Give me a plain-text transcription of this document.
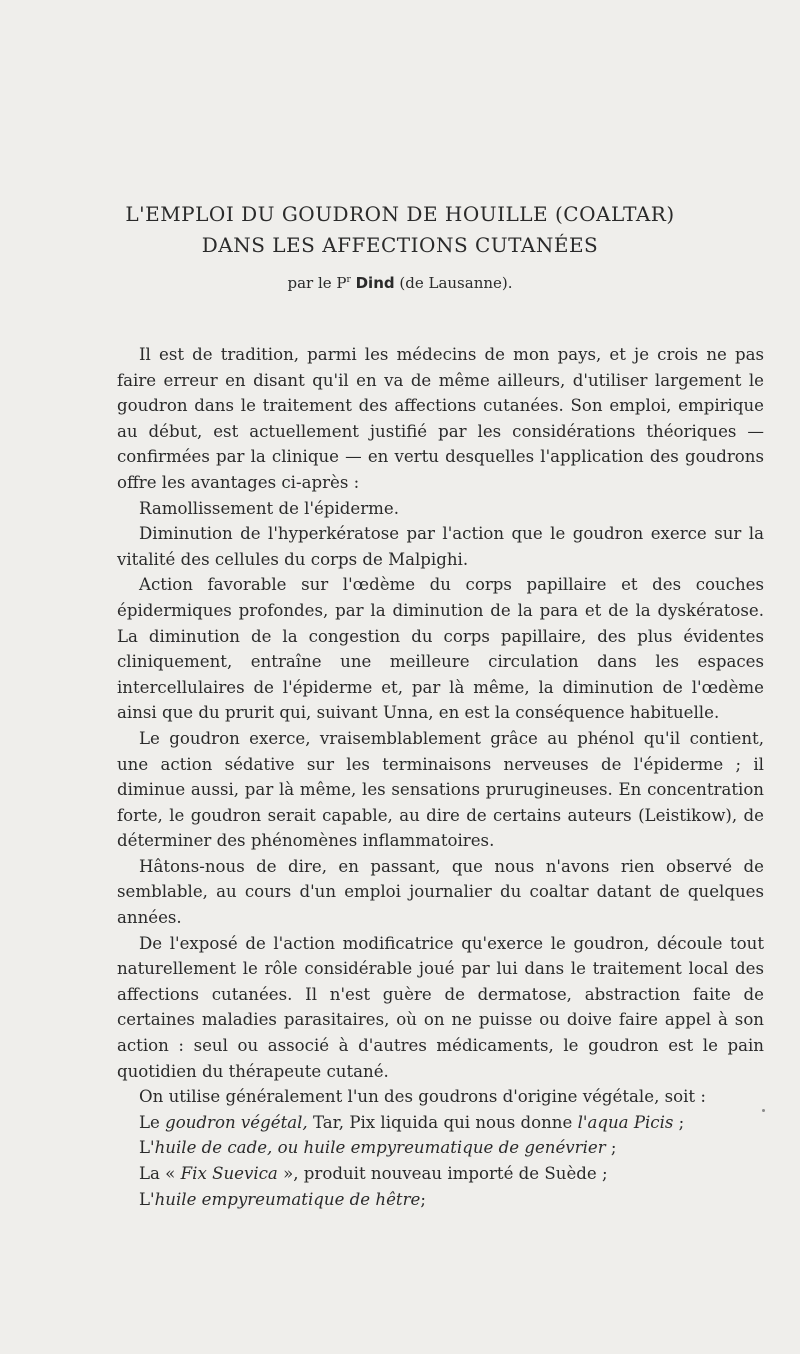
L'EMPLOI DU GOUDRON DE HOUILLE (COALTAR)
DANS LES AFFECTIONS CUTANÉES
par le $P^r$ Dind (de Lausanne).

Il est de tradition, parmi les médecins de mon pays, et je crois ne pas faire erreur en disant qu'il en va de même ailleurs, d'utiliser largement le goudron dans le traitement des affections cutanées. Son emploi, empirique au début, est actuellement justifié par les considérations théoriques — confirmées par la clinique — en vertu desquelles l'application des goudrons offre les avantages ci-après :

Ramollissement de l'épiderme.

Diminution de l'hyperkératose par l'action que le goudron exerce sur la vitalité des cellules du corps de Malpighi.

Action favorable sur l'œdème du corps papillaire et des couches épidermiques profondes, par la diminution de la para et de la dyskératose. La diminution de la congestion du corps papillaire, des plus évidentes cliniquement, entraîne une meilleure circulation dans les espaces intercellulaires de l'épiderme et, par là même, la diminution de l'œdème ainsi que du prurit qui, suivant Unna, en est la conséquence habituelle.

Le goudron exerce, vraisemblablement grâce au phénol qu'il contient, une action sédative sur les terminaisons nerveuses de l'épiderme ; il diminue aussi, par là même, les sensations prurugineuses. En concentration forte, le goudron serait capable, au dire de certains auteurs (Leistikow), de déterminer des phénomènes inflammatoires.

Hâtons-nous de dire, en passant, que nous n'avons rien observé de semblable, au cours d'un emploi journalier du coaltar datant de quelques années.

De l'exposé de l'action modificatrice qu'exerce le goudron, découle tout naturellement le rôle considérable joué par lui dans le traitement local des affections cutanées. Il n'est guère de dermatose, abstraction faite de certaines maladies parasitaires, où on ne puisse ou doive faire appel à son action : seul ou associé à d'autres médicaments, le goudron est le pain quotidien du thérapeute cutané.

On utilise généralement l'un des goudrons d'origine végétale, soit :

Le goudron végétal, Tar, Pix liquida qui nous donne l'aqua Picis ;

L'huile de cade, ou huile empyreumatique de genévrier ;

La « Fix Suevica », produit nouveau importé de Suède ;

L'huile empyreumatique de hêtre;
